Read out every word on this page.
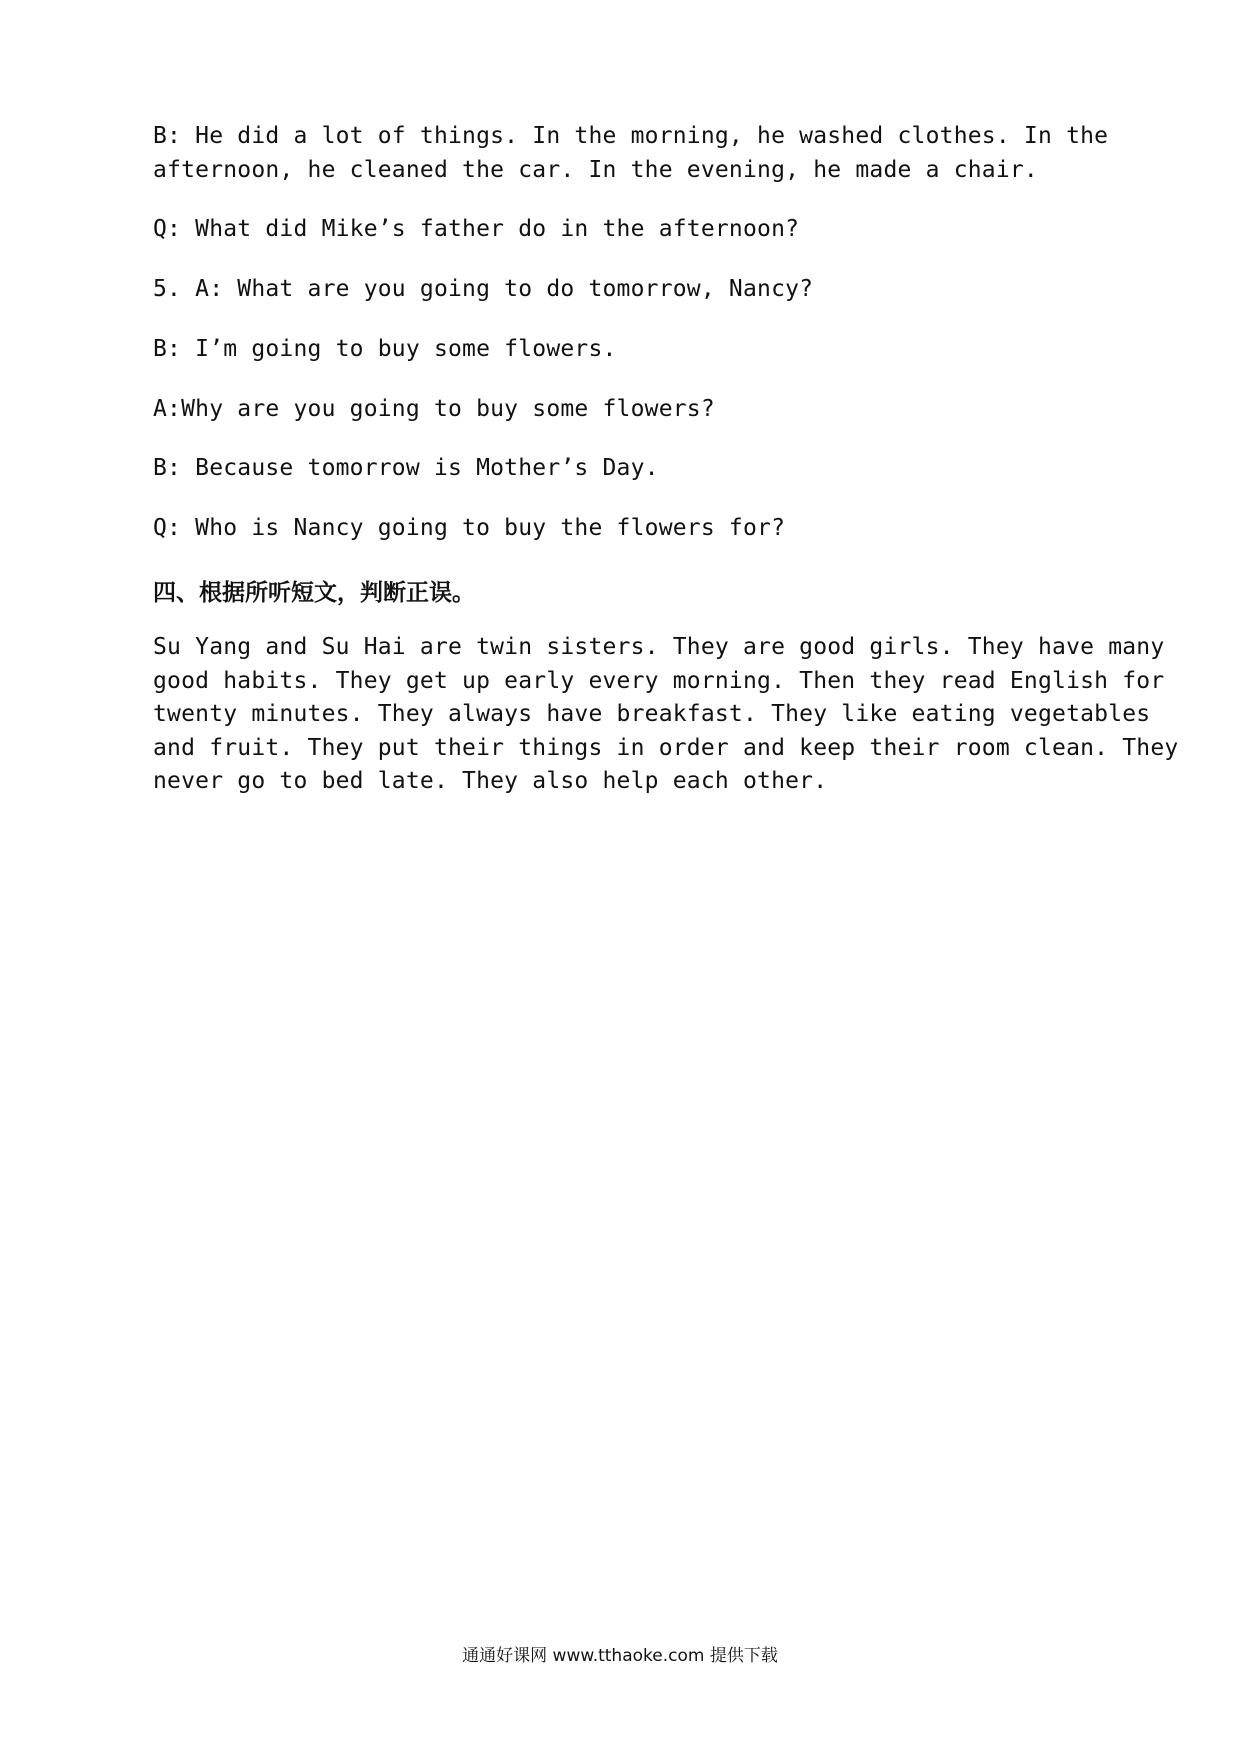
B: He did a lot of things. In the morning, he washed clothes. In the
afternoon, he cleaned the car. In the evening, he made a chair.
Q: What did Mike’s father do in the afternoon?
5. A: What are you going to do tomorrow, Nancy?
B: I’m going to buy some flowers.
A:Why are you going to buy some flowers?
B: Because tomorrow is Mother’s Day.
Q: Who is Nancy going to buy the flowers for?
四、根据所听短文，判断正误。
Su Yang and Su Hai are twin sisters. They are good girls. They have many
good habits. They get up early every morning. Then they read English for
twenty minutes. They always have breakfast. They like eating vegetables
and fruit. They put their things in order and keep their room clean. They
never go to bed late. They also help each other.
通通好课网 www.tthaoke.com 提供下载
